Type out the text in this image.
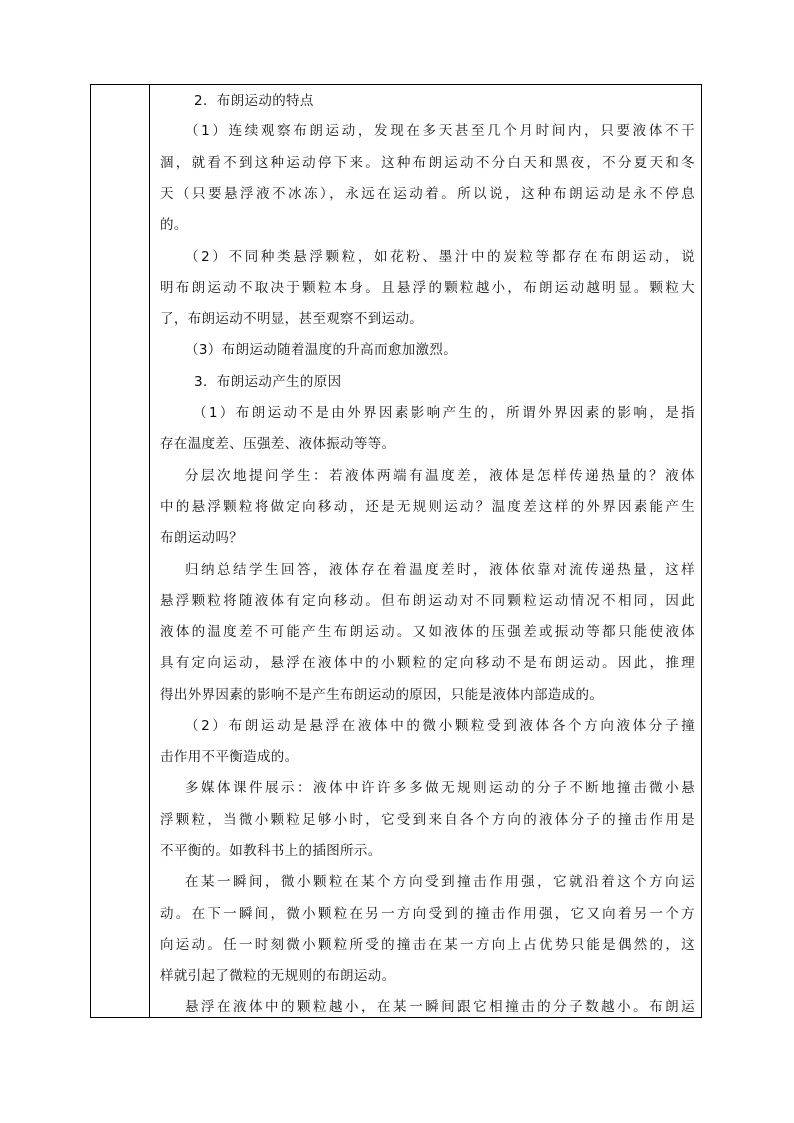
2．布朗运动的特点
（1）连续观察布朗运动，发现在多天甚至几个月时间内，只要液体不干
涸，就看不到这种运动停下来。这种布朗运动不分白天和黑夜，不分夏天和冬
天（只要悬浮液不冰冻），永远在运动着。所以说，这种布朗运动是永不停息
的。
（2）不同种类悬浮颗粒，如花粉、墨汁中的炭粒等都存在布朗运动，说
明布朗运动不取决于颗粒本身。且悬浮的颗粒越小，布朗运动越明显。颗粒大
了，布朗运动不明显，甚至观察不到运动。
（3）布朗运动随着温度的升高而愈加激烈。
3．布朗运动产生的原因
（1）布朗运动不是由外界因素影响产生的，所谓外界因素的影响，是指
存在温度差、压强差、液体振动等等。
分层次地提问学生：若液体两端有温度差，液体是怎样传递热量的？液体
中的悬浮颗粒将做定向移动，还是无规则运动？温度差这样的外界因素能产生
布朗运动吗？
归纳总结学生回答，液体存在着温度差时，液体依靠对流传递热量，这样
悬浮颗粒将随液体有定向移动。但布朗运动对不同颗粒运动情况不相同，因此
液体的温度差不可能产生布朗运动。又如液体的压强差或振动等都只能使液体
具有定向运动，悬浮在液体中的小颗粒的定向移动不是布朗运动。因此，推理
得出外界因素的影响不是产生布朗运动的原因，只能是液体内部造成的。
（2）布朗运动是悬浮在液体中的微小颗粒受到液体各个方向液体分子撞
击作用不平衡造成的。
多媒体课件展示：液体中许许多多做无规则运动的分子不断地撞击微小悬
浮颗粒，当微小颗粒足够小时，它受到来自各个方向的液体分子的撞击作用是
不平衡的。如教科书上的插图所示。
在某一瞬间，微小颗粒在某个方向受到撞击作用强，它就沿着这个方向运
动。在下一瞬间，微小颗粒在另一方向受到的撞击作用强，它又向着另一个方
向运动。任一时刻微小颗粒所受的撞击在某一方向上占优势只能是偶然的，这
样就引起了微粒的无规则的布朗运动。
悬浮在液体中的颗粒越小，在某一瞬间跟它相撞击的分子数越小。布朗运
